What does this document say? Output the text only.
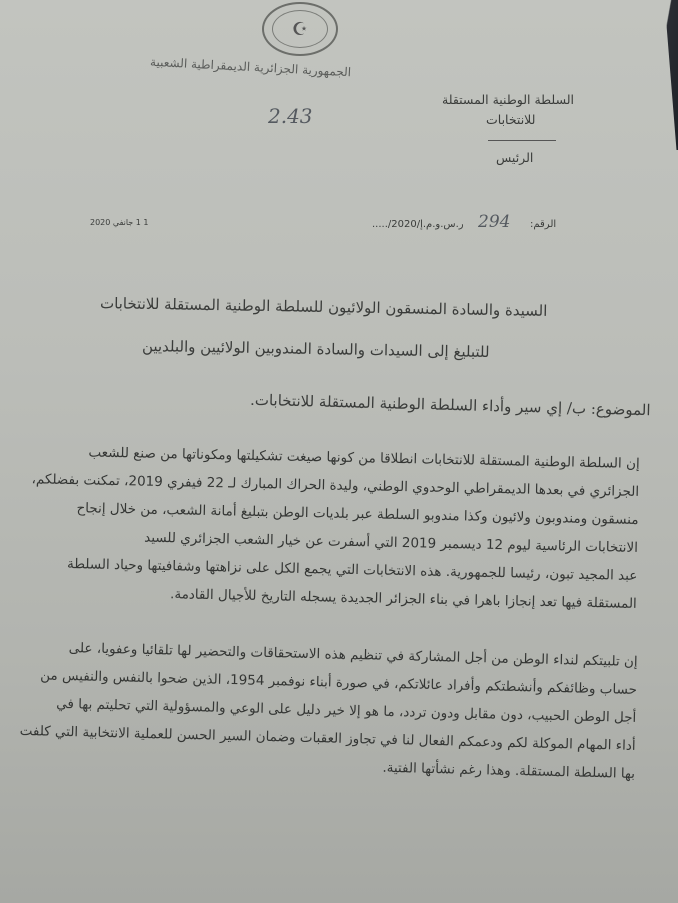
☪
الجمهورية الجزائرية الديمقراطية الشعبية
السلطة الوطنية المستقلة
للانتخابات
الرئيس
2.43
1 1 جانفي 2020	...../ر.س.و.م.إ/2020 294 الرقم:
السيدة والسادة المنسقون الولائيون للسلطة الوطنية المستقلة للانتخابات
للتبليغ إلى السيدات والسادة المندوبين الولائيين والبلديين
الموضوع: ب/ إي سير وأداء السلطة الوطنية المستقلة للانتخابات.
إن السلطة الوطنية المستقلة للانتخابات انطلاقا من كونها صيغت تشكيلتها ومكوناتها من صنع للشعب
الجزائري في بعدها الديمقراطي الوحدوي الوطني، وليدة الحراك المبارك لـ 22 فيفري 2019، تمكنت بفضلكم،
منسقون ومندوبون ولائيون وكذا مندوبو السلطة عبر بلديات الوطن بتبليغ أمانة الشعب، من خلال إنجاح
الانتخابات الرئاسية ليوم 12 ديسمبر 2019 التي أسفرت عن خيار الشعب الجزائري للسيد
عبد المجيد تبون، رئيسا للجمهورية. هذه الانتخابات التي يجمع الكل على نزاهتها وشفافيتها وحياد السلطة
المستقلة فيها تعد إنجازا باهرا في بناء الجزائر الجديدة يسجله التاريخ للأجيال القادمة.
إن تلبيتكم لنداء الوطن من أجل المشاركة في تنظيم هذه الاستحقاقات والتحضير لها تلقائيا وعفويا، على
حساب وظائفكم وأنشطتكم وأفراد عائلاتكم، في صورة أبناء نوفمبر 1954، الذين ضحوا بالنفس والنفيس من
أجل الوطن الحبيب، دون مقابل ودون تردد، ما هو إلا خير دليل على الوعي والمسؤولية التي تحليتم بها في
أداء المهام الموكلة لكم ودعمكم الفعال لنا في تجاوز العقبات وضمان السير الحسن للعملية الانتخابية التي كلفت
بها السلطة المستقلة. وهذا رغم نشأتها الفتية.
